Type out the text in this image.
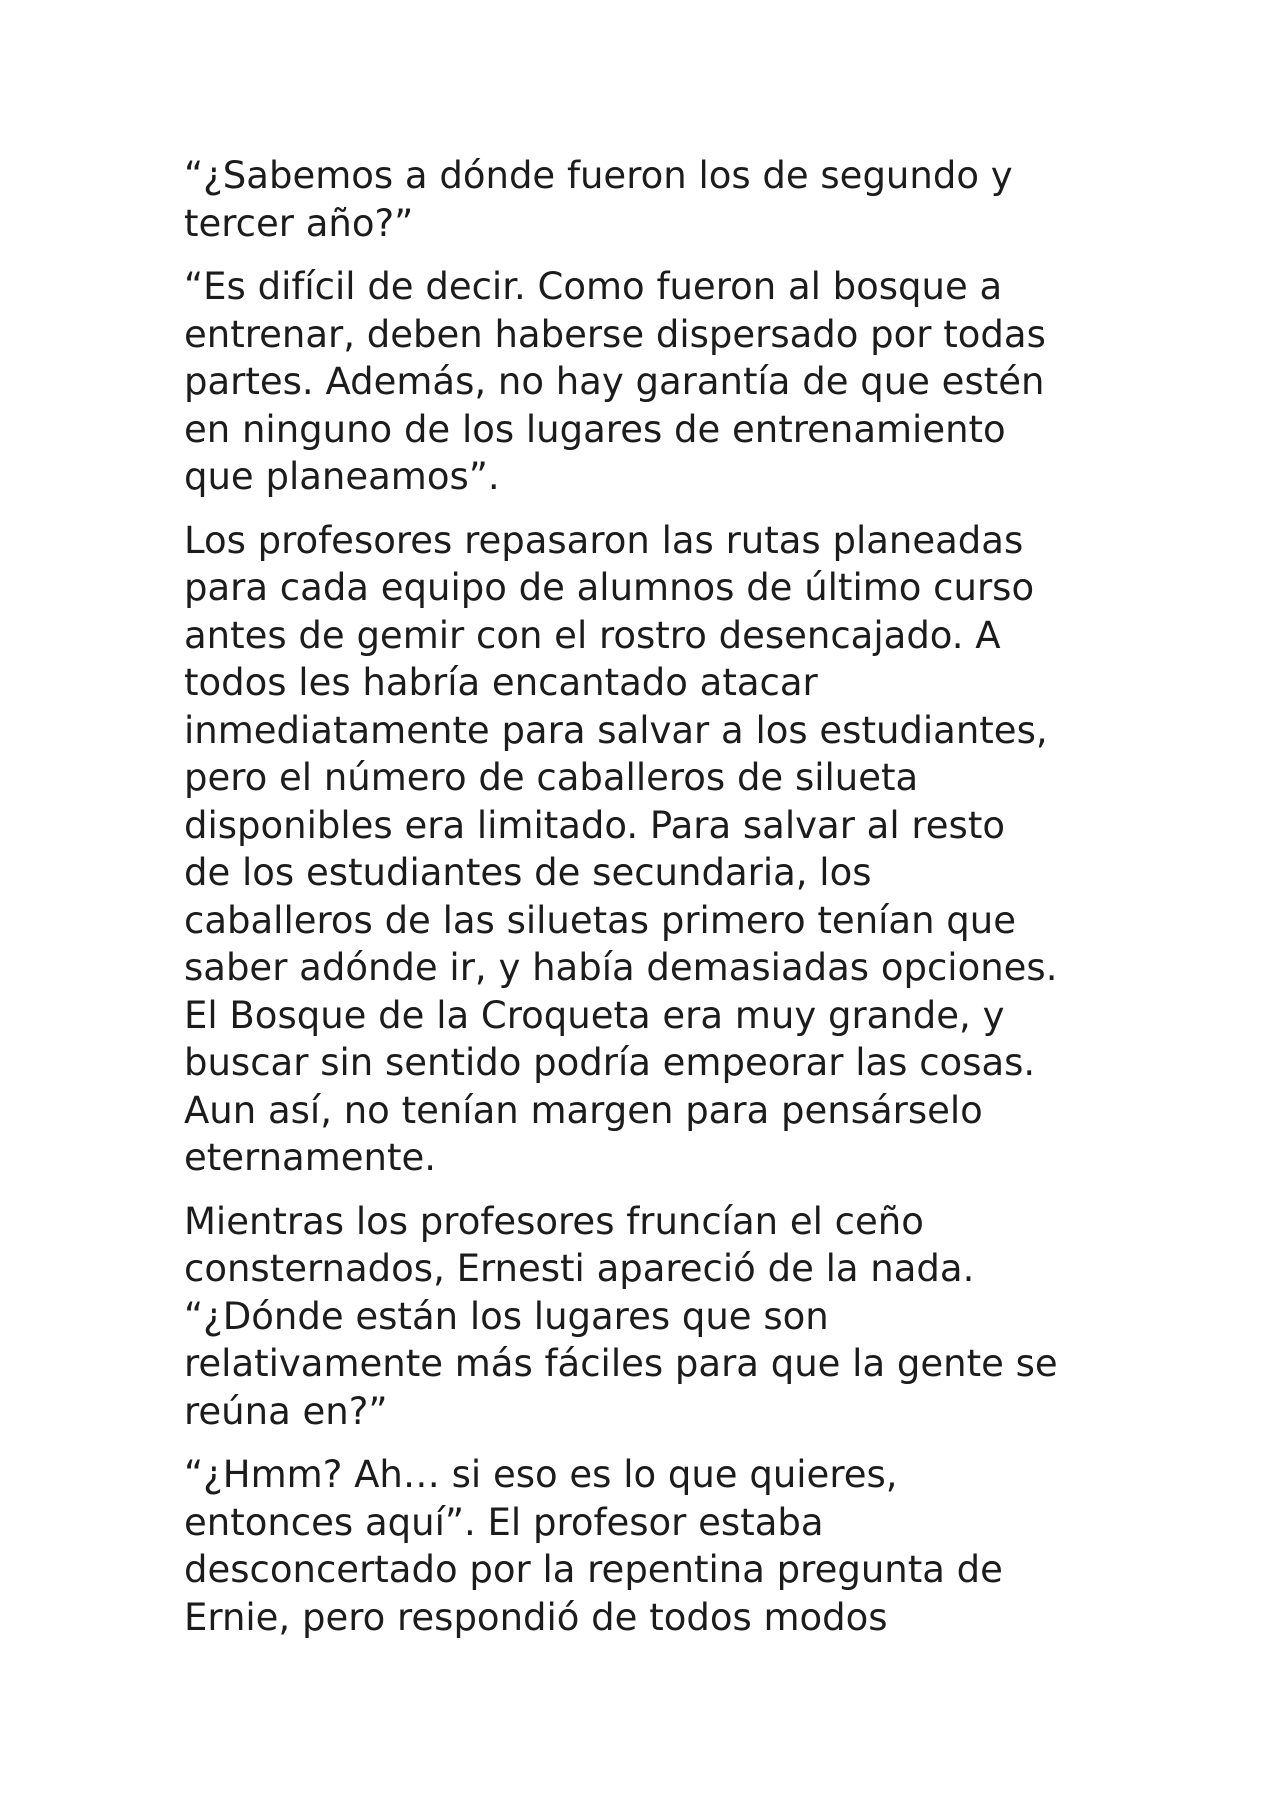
“¿Sabemos a dónde fueron los de segundo y
tercer año?”

“Es difícil de decir. Como fueron al bosque a
entrenar, deben haberse dispersado por todas
partes. Además, no hay garantía de que estén
en ninguno de los lugares de entrenamiento
que planeamos”.

Los profesores repasaron las rutas planeadas
para cada equipo de alumnos de último curso
antes de gemir con el rostro desencajado. A
todos les habría encantado atacar
inmediatamente para salvar a los estudiantes,
pero el número de caballeros de silueta
disponibles era limitado. Para salvar al resto
de los estudiantes de secundaria, los
caballeros de las siluetas primero tenían que
saber adónde ir, y había demasiadas opciones.
El Bosque de la Croqueta era muy grande, y
buscar sin sentido podría empeorar las cosas.
Aun así, no tenían margen para pensárselo
eternamente.

Mientras los profesores fruncían el ceño
consternados, Ernesti apareció de la nada.
“¿Dónde están los lugares que son
relativamente más fáciles para que la gente se
reúna en?”

“¿Hmm? Ah… si eso es lo que quieres,
entonces aquí”. El profesor estaba
desconcertado por la repentina pregunta de
Ernie, pero respondió de todos modos
